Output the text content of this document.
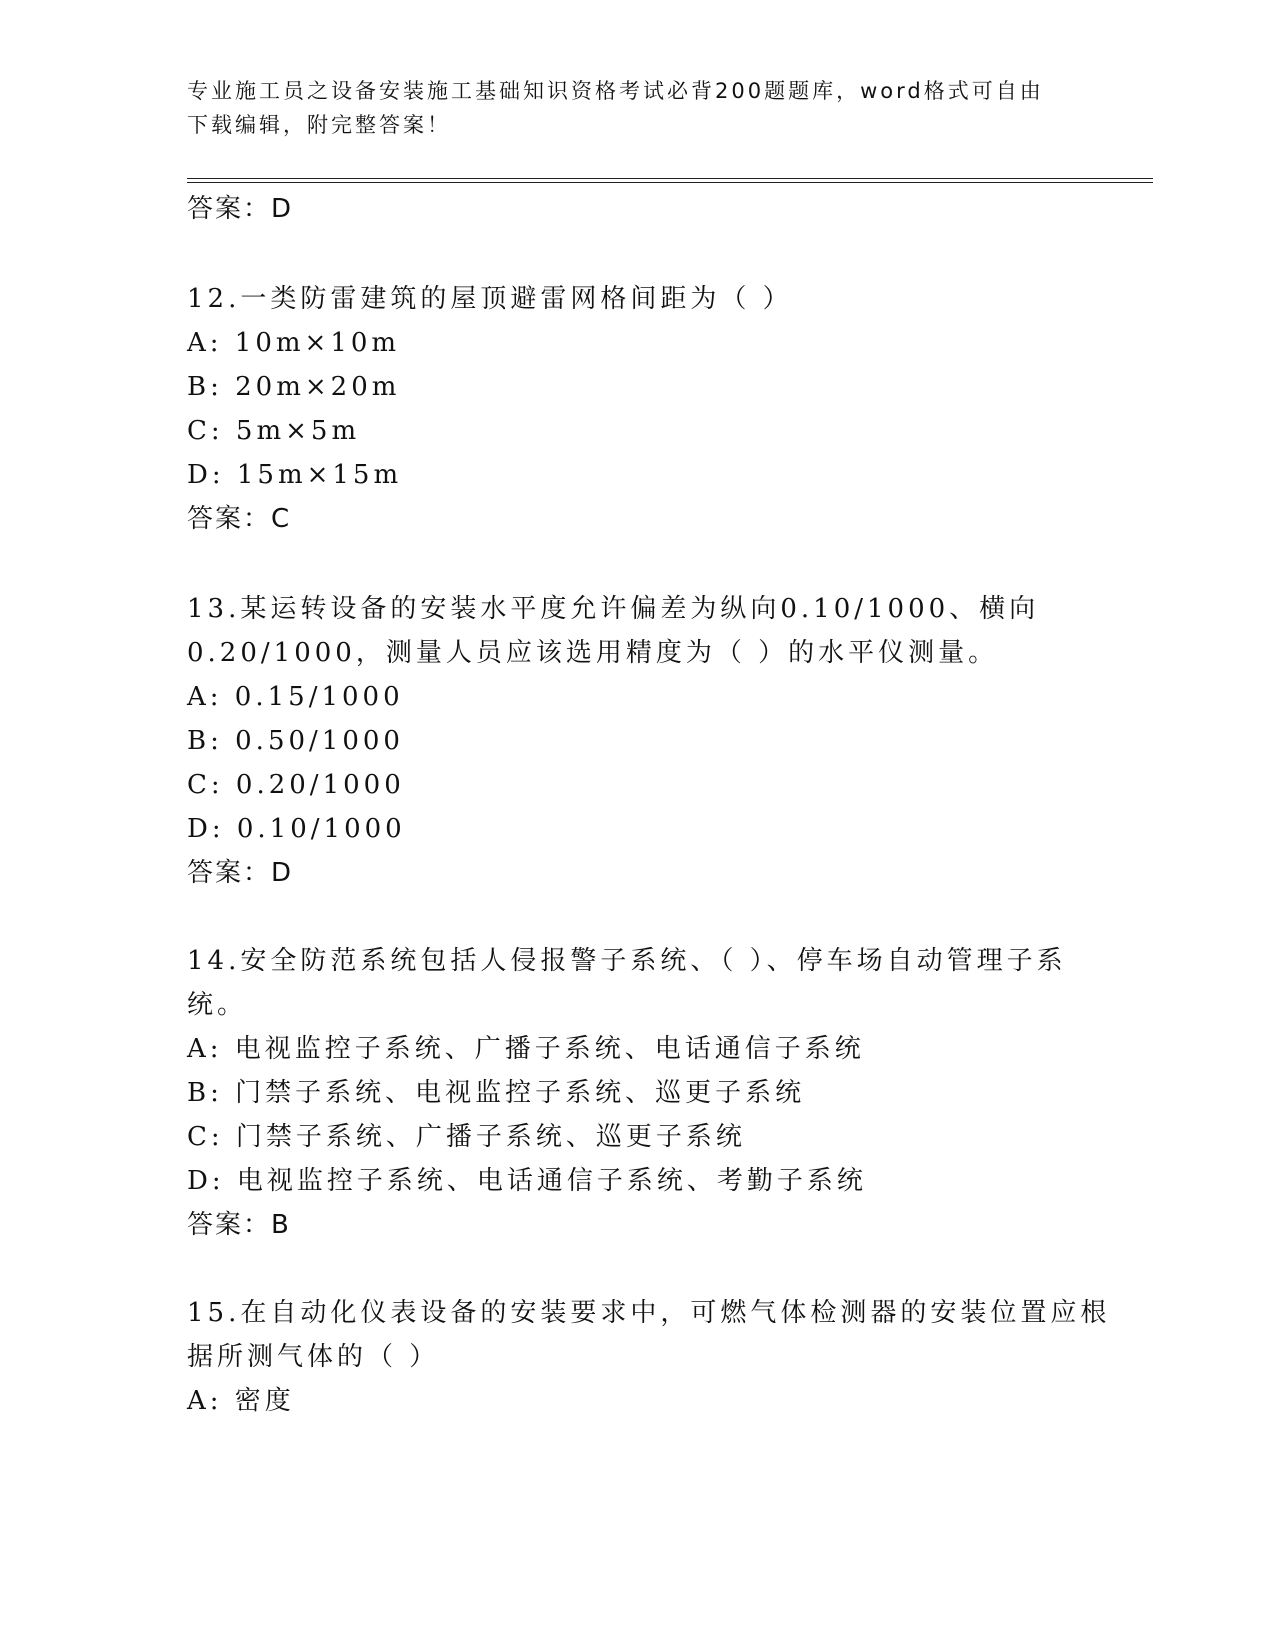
专业施工员之设备安装施工基础知识资格考试必背200题题库，word格式可自由
下载编辑，附完整答案！
答案：D
12.一类防雷建筑的屋顶避雷网格间距为（ ）
A: 10m×10m
B: 20m×20m
C: 5m×5m
D: 15m×15m
答案：C
13.某运转设备的安装水平度允许偏差为纵向0.10/1000、横向
0.20/1000，测量人员应该选用精度为（ ）的水平仪测量。
A: 0.15/1000
B: 0.50/1000
C: 0.20/1000
D: 0.10/1000
答案：D
14.安全防范系统包括人侵报警子系统、（ ）、停车场自动管理子系
统。
A: 电视监控子系统、广播子系统、电话通信子系统
B: 门禁子系统、电视监控子系统、巡更子系统
C: 门禁子系统、广播子系统、巡更子系统
D: 电视监控子系统、电话通信子系统、考勤子系统
答案：B
15.在自动化仪表设备的安装要求中，可燃气体检测器的安装位置应根
据所测气体的（ ）
A: 密度
